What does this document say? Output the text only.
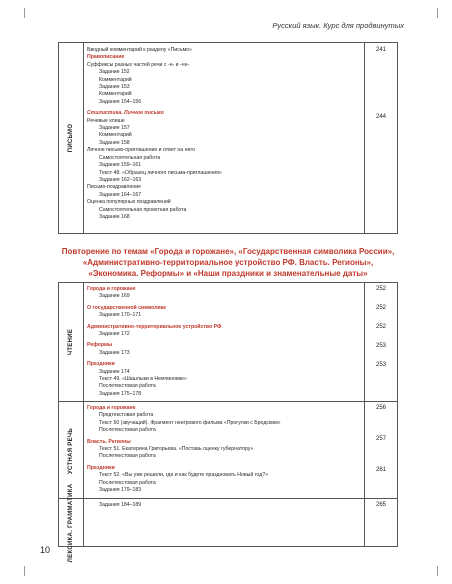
Русский язык. Курс для продвинутых
ПИСЬМО
241
244
Вводный комментарий к разделу «Письмо»
Правописание
Суффиксы разных частей речи с -н- и -нн-
Задание 152
Комментарий
Задание 153
Комментарий
Задания 154–156
Стилистика. Личное письмо
Речевые клише
Задание 157
Комментарий
Задание 158
Личное письмо-приглашение и ответ на него
Самостоятельная работа
Задания 159–161
Текст 48. «Образец личного письма-приглашения»
Задания 162–163
Письмо-поздравление
Задания 164–167
Оценка популярных поздравлений
Самостоятельная проектная работа
Задание 168
Повторение по темам «Города и горожане», «Государственная символика России», «Административно-территориальное устройство РФ. Власть. Регионы», «Экономика. Реформы» и «Наши праздники и знаменательные даты»
ЧТЕНИЕ
252
252
252
253
253
Города и горожане
Задание 169
О государственной символике
Задания 170–171
Административно-территориальное устройство РФ
Задание 172
Реформы
Задание 173
Праздники
Задание 174
Текст 49. «Шашлыки в Немчиновке»
Послетекстовая работа
Задания 175–178
УСТНАЯ РЕЧЬ
256
257
261
Города и горожане
Предтекстовая работа
Текст 50 (звучащий). Фрагмент неигрового фильма «Прогулки с Бродским»
Послетекстовая работа
Власть. Регионы
Текст 51. Екатерина Григорьева. «Поставь оценку губернатору»
Послетекстовая работа
Праздники
Текст 52. «Вы уже решили, где и как будете праздновать Новый год?»
Послетекстовая работа
Задания 179–183
ЛЕКСИКА. ГРАММАТИКА	265
Задания 184–189
10
